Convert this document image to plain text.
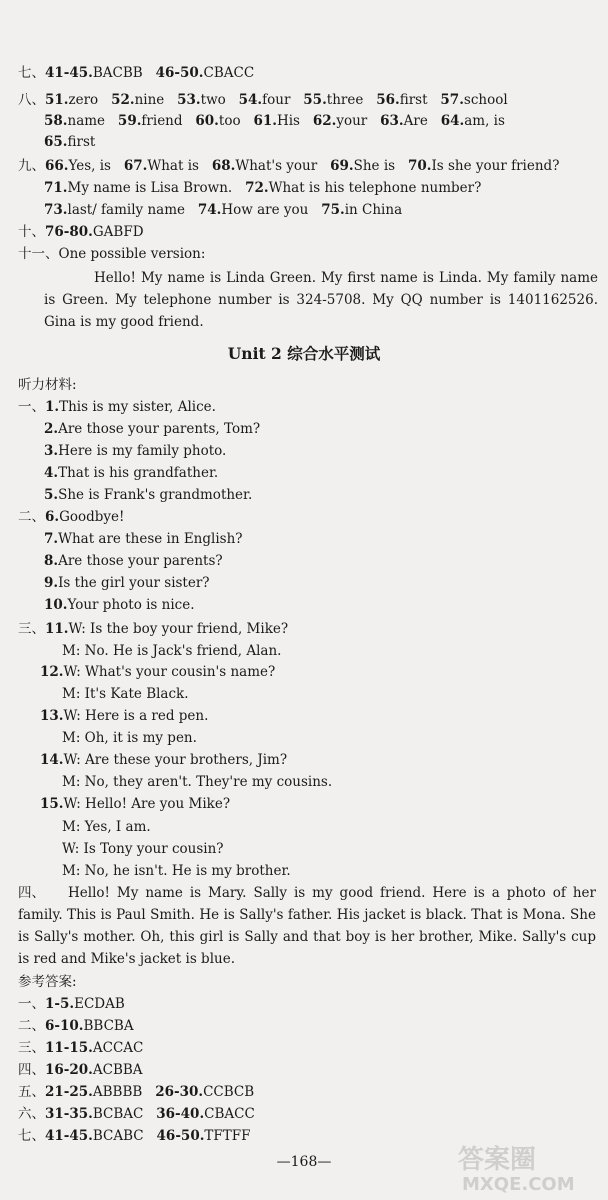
七、41-45.BACBB 46-50.CBACC
八、51.zero 52.nine 53.two 54.four 55.three 56.first 57.school
58.name 59.friend 60.too 61.His 62.your 63.Are 64.am, is
65.first
九、66.Yes, is 67.What is 68.What's your 69.She is 70.Is she your friend?
71.My name is Lisa Brown. 72.What is his telephone number?
73.last/ family name 74.How are you 75.in China
十、76-80.GABFD
十一、One possible version:
Hello! My name is Linda Green. My first name is Linda. My family name is Green. My telephone number is 324-5708. My QQ number is 1401162526. Gina is my good friend.
Unit 2 综合水平测试
听力材料:
一、1.This is my sister, Alice.
2.Are those your parents, Tom?
3.Here is my family photo.
4.That is his grandfather.
5.She is Frank's grandmother.
二、6.Goodbye!
7.What are these in English?
8.Are those your parents?
9.Is the girl your sister?
10.Your photo is nice.
三、11.W: Is the boy your friend, Mike?
M: No. He is Jack's friend, Alan.
12.W: What's your cousin's name?
M: It's Kate Black.
13.W: Here is a red pen.
M: Oh, it is my pen.
14.W: Are these your brothers, Jim?
M: No, they aren't. They're my cousins.
15.W: Hello! Are you Mike?
M: Yes, I am.
W: Is Tony your cousin?
M: No, he isn't. He is my brother.
四、	Hello! My name is Mary. Sally is my good friend. Here is a photo of her family. This is Paul Smith. He is Sally's father. His jacket is black. That is Mona. She is Sally's mother. Oh, this girl is Sally and that boy is her brother, Mike. Sally's cup is red and Mike's jacket is blue.
参考答案:
一、1-5.ECDAB
二、6-10.BBCBA
三、11-15.ACCAC
四、16-20.ACBBA
五、21-25.ABBBB 26-30.CCBCB
六、31-35.BCBAC 36-40.CBACC
七、41-45.BCABC 46-50.TFTFF
—168—	答案圈
MXQE.COM
